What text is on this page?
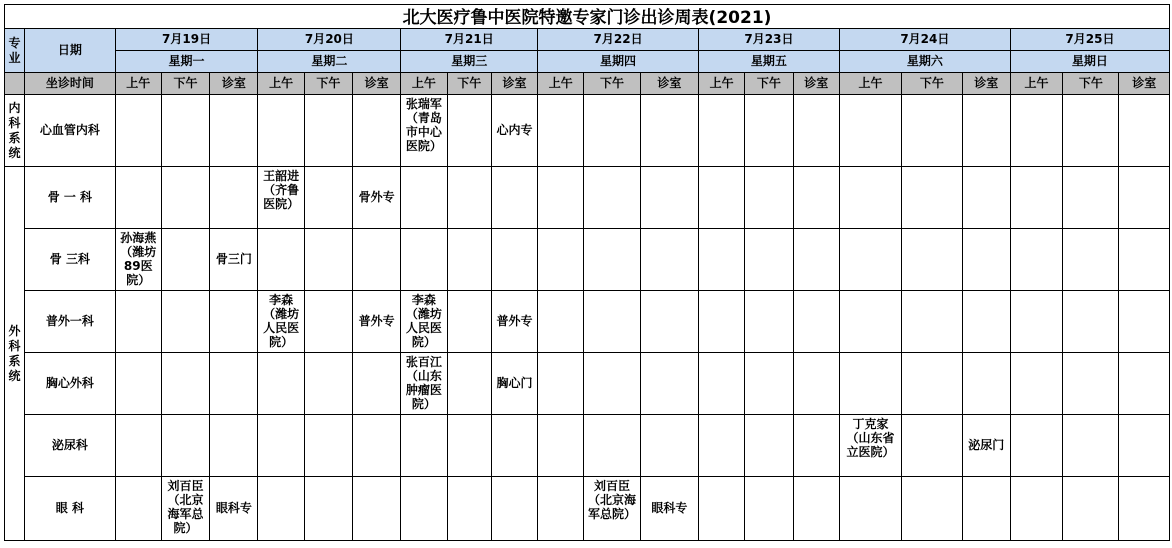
北大医疗鲁中医院特邀专家门诊出诊周表(2021)
专业	日期	7月19日			7月20日			7月21日			7月22日			7月23日			7月24日			7月25日		
		星期一			星期二			星期三			星期四			星期五			星期六			星期日		
	坐诊时间	上午	下午	诊室	上午	下午	诊室	上午	下午	诊室	上午	下午	诊室	上午	下午	诊室	上午	下午	诊室	上午	下午	诊室
内科系统	心血管内科							张瑞军（青岛市中心医院）		心内专												
外科系统	骨 一 科				王韶进（齐鲁医院）		骨外专															
	骨 三科	孙海燕（潍坊89医院）		骨三门																		
	普外一科				李森（潍坊人民医院）		普外专	李森（潍坊人民医院）		普外专												
	胸心外科							张百江（山东肿瘤医院）		胸心门												
	泌尿科																丁克家（山东省立医院）		泌尿门			
	眼 科		刘百臣（北京海军总院）	眼科专								刘百臣（北京海军总院）	眼科专									
